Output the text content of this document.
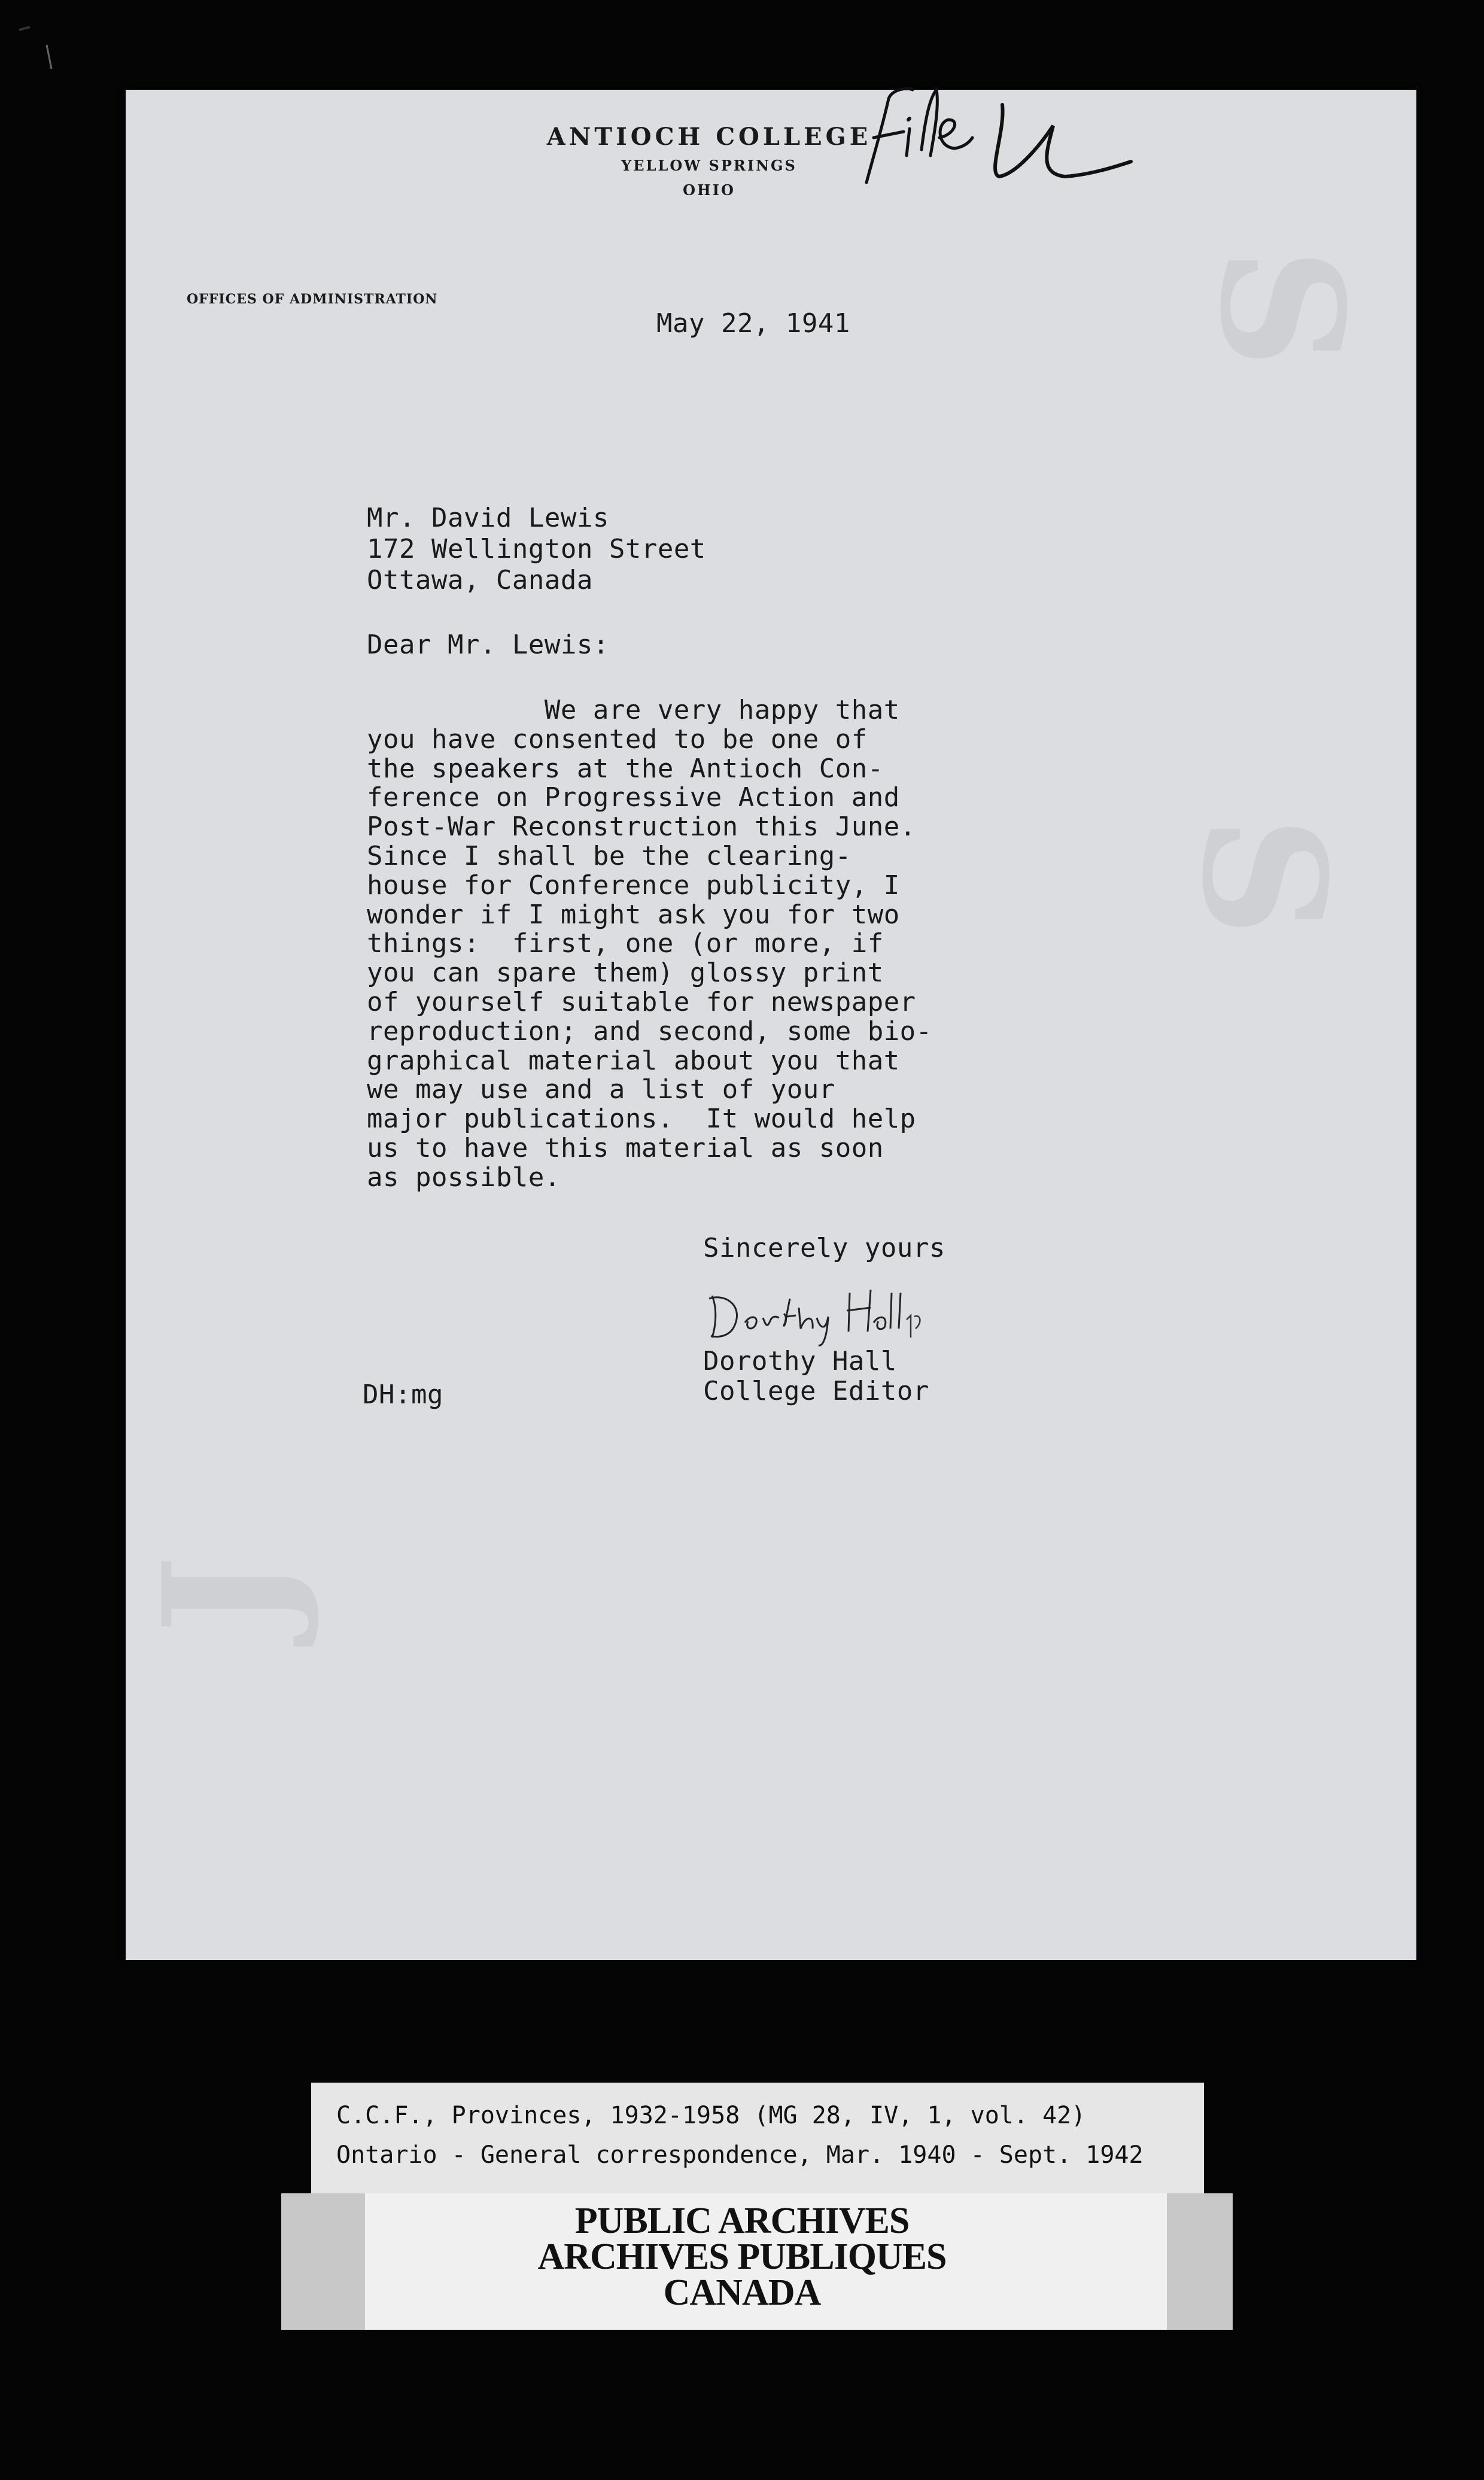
S
S
J
ANTIOCH COLLEGE
YELLOW SPRINGS
OHIO
OFFICES OF ADMINISTRATION
May 22, 1941
Mr. David Lewis
172 Wellington Street
Ottawa, Canada
Dear Mr. Lewis:
We are very happy that
you have consented to be one of
the speakers at the Antioch Con-
ference on Progressive Action and
Post-War Reconstruction this June.
Since I shall be the clearing-
house for Conference publicity, I
wonder if I might ask you for two
things:  first, one (or more, if
you can spare them) glossy print
of yourself suitable for newspaper
reproduction; and second, some bio-
graphical material about you that
we may use and a list of your
major publications.  It would help
us to have this material as soon
as possible.
Sincerely yours
Dorothy Hall
College Editor
DH:mg
C.C.F., Provinces, 1932-1958 (MG 28, IV, 1, vol. 42)
Ontario - General correspondence, Mar. 1940 - Sept. 1942
PUBLIC ARCHIVES
ARCHIVES PUBLIQUES
CANADA
